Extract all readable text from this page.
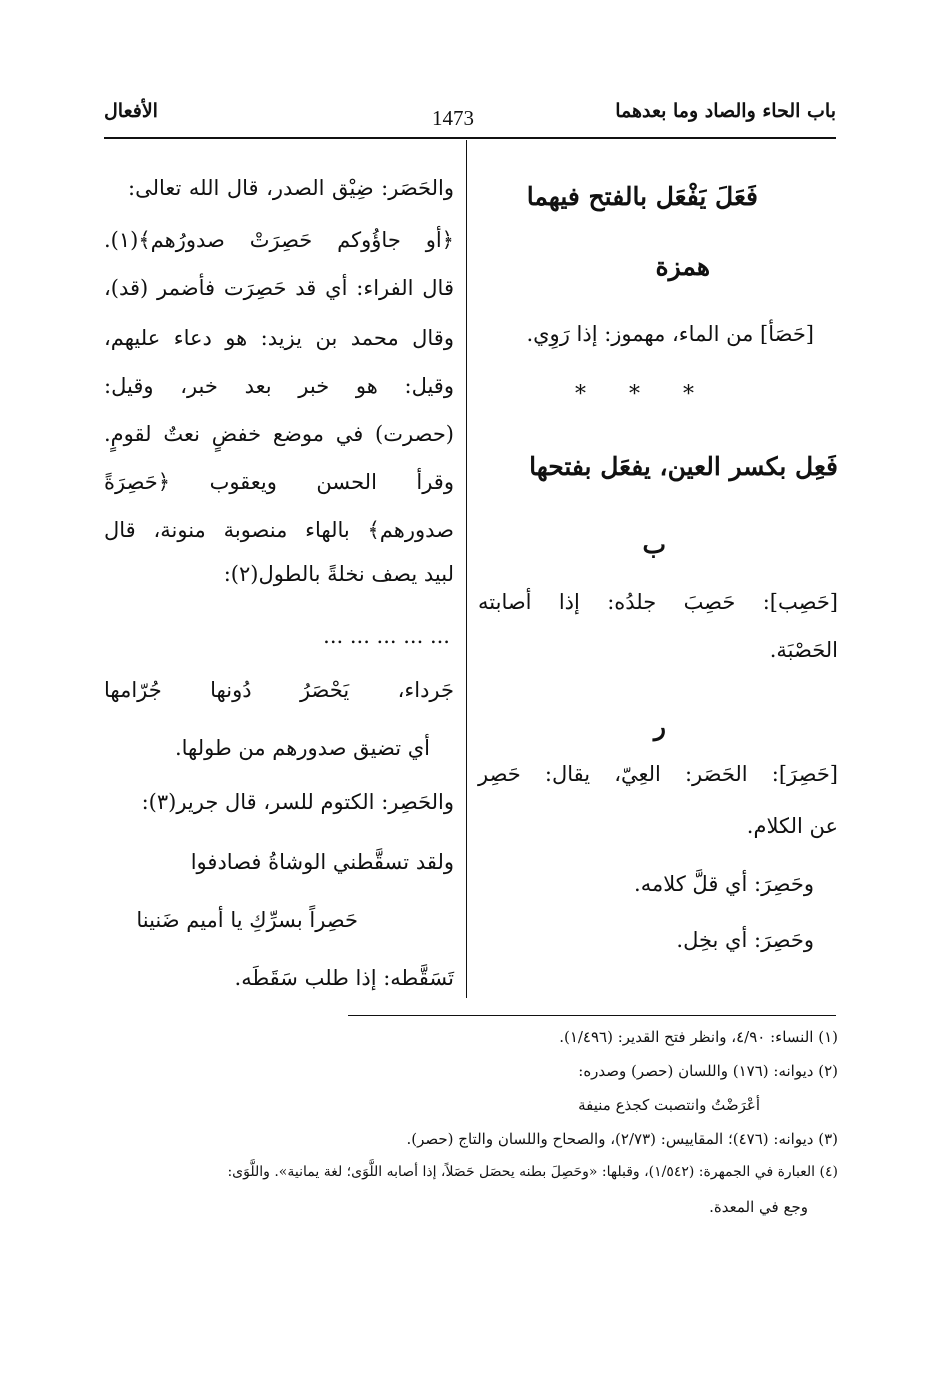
باب الحاء والصاد وما بعدهما
1473
الأفعال
فَعَلَ يَفْعَل بالفتح فيهما
همزة
[حَصَأ] من الماء، مهموز: إذا رَوِي.
* * *
فَعِل بكسر العين، يفعَل بفتحها
ب
[حَصِب]: حَصِبَ جلدُه: إذا أصابته
الحَصْبَة.
ر
[حَصِرَ]: الحَصَر: العِيّ، يقال: حَصِر
عن الكلام.
وحَصِرَ: أي قلَّ كلامه.
وحَصِرَ: أي بخِل.
والحَصَر: ضِيْق الصدر، قال الله تعالى:
﴿أو جاؤُوكم حَصِرَتْ صدورُهم﴾(١).
قال الفراء: أي قد حَصِرَت فأضمر (قد)،
وقال محمد بن يزيد: هو دعاء عليهم،
وقيل: هو خبر بعد خبر، وقيل:
(حصرت) في موضع خفضٍ نعتٌ لقومٍ.
وقرأ الحسن ويعقوب ﴿حَصِرَةً
صدورهم﴾ بالهاء منصوبة منونة، قال
لبيد يصف نخلةً بالطول(٢):
... ... ... ... ...
جَرداء، يَحْصَرُ دُونها جُرّامها
أي تضيق صدورهم من طولها.
والحَصِر: الكتوم للسر، قال جرير(٣):
ولقد تسقَّطني الوشاةُ فصادفوا
حَصِراً بسرِّكِ يا أميم ضَنينا
تَسَقَّطه: إذا طلب سَقَطَه.
(١) النساء: ٤/٩٠، وانظر فتح القدير: (١/٤٩٦).
(٢) ديوانه: (١٧٦) واللسان (حصر) وصدره:
أعْرَضْتُ وانتصبت كجذع منيفة
(٣) ديوانه: (٤٧٦)؛ المقاييس: (٢/٧٣)، والصحاح واللسان والتاج (حصر).
(٤) العبارة في الجمهرة: (١/٥٤٢)، وقبلها: «وحَصِلَ بطنه يحصَل حَصَلاً، إذا أصابه اللَّوَى؛ لغة يمانية». واللَّوَى:
وجع في المعدة.
